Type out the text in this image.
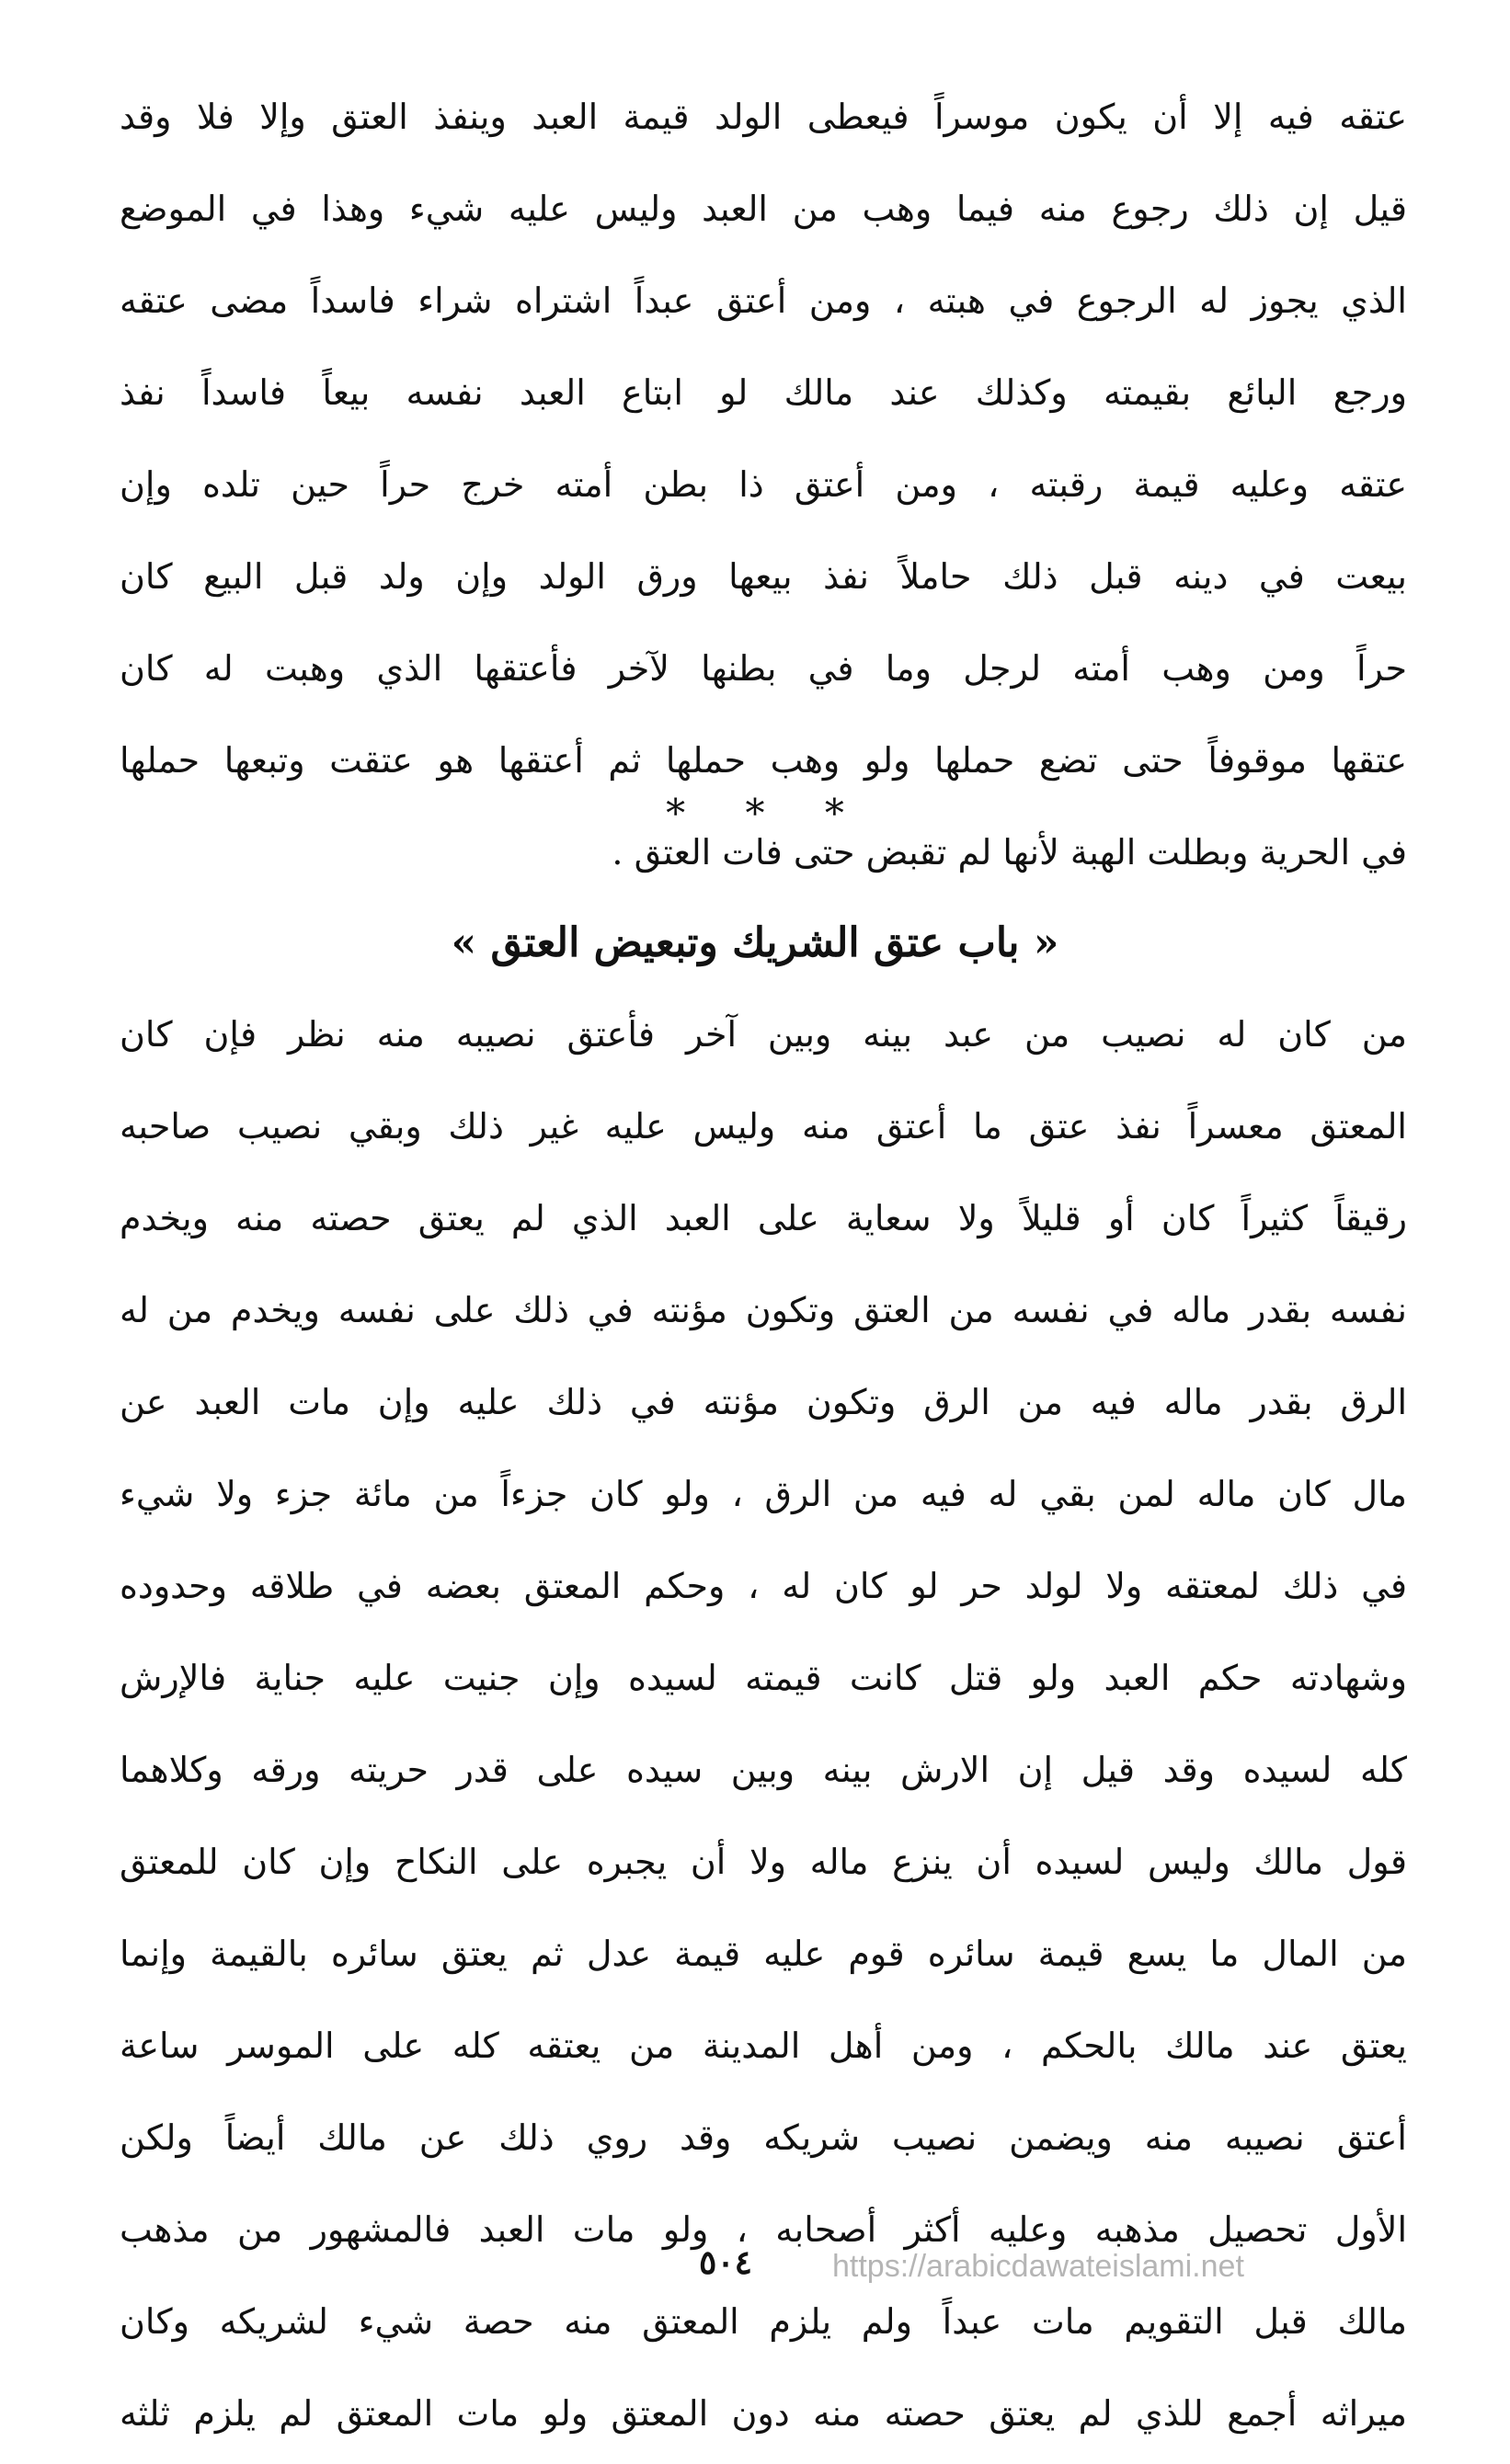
عتقه فيه إلا أن يكون موسراً فيعطى الولد قيمة العبد وينفذ العتق وإلا فلا وقد
قيل إن ذلك رجوع منه فيما وهب من العبد وليس عليه شيء وهذا في الموضع
الذي يجوز له الرجوع في هبته ، ومن أعتق عبداً اشتراه شراء فاسداً مضى عتقه
ورجع البائع بقيمته وكذلك عند مالك لو ابتاع العبد نفسه بيعاً فاسداً نفذ
عتقه وعليه قيمة رقبته ، ومن أعتق ذا بطن أمته خرج حراً حين تلده وإن
بيعت في دينه قبل ذلك حاملاً نفذ بيعها ورق الولد وإن ولد قبل البيع كان
حراً ومن وهب أمته لرجل وما في بطنها لآخر فأعتقها الذي وهبت له كان
عتقها موقوفاً حتى تضع حملها ولو وهب حملها ثم أعتقها هو عتقت وتبعها حملها
في الحرية وبطلت الهبة لأنها لم تقبض حتى فات العتق .
* * *
« باب عتق الشريك وتبعيض العتق »
من كان له نصيب من عبد بينه وبين آخر فأعتق نصيبه منه نظر فإن كان
المعتق معسراً نفذ عتق ما أعتق منه وليس عليه غير ذلك وبقي نصيب صاحبه
رقيقاً كثيراً كان أو قليلاً ولا سعاية على العبد الذي لم يعتق حصته منه ويخدم
نفسه بقدر ماله في نفسه من العتق وتكون مؤنته في ذلك على نفسه ويخدم من له
الرق بقدر ماله فيه من الرق وتكون مؤنته في ذلك عليه وإن مات العبد عن
مال كان ماله لمن بقي له فيه من الرق ، ولو كان جزءاً من مائة جزء ولا شيء
في ذلك لمعتقه ولا لولد حر لو كان له ، وحكم المعتق بعضه في طلاقه وحدوده
وشهادته حكم العبد ولو قتل كانت قيمته لسيده وإن جنيت عليه جناية فالإرش
كله لسيده وقد قيل إن الارش بينه وبين سيده على قدر حريته ورقه وكلاهما
قول مالك وليس لسيده أن ينزع ماله ولا أن يجبره على النكاح وإن كان للمعتق
من المال ما يسع قيمة سائره قوم عليه قيمة عدل ثم يعتق سائره بالقيمة وإنما
يعتق عند مالك بالحكم ، ومن أهل المدينة من يعتقه كله على الموسر ساعة
أعتق نصيبه منه ويضمن نصيب شريكه وقد روي ذلك عن مالك أيضاً ولكن
الأول تحصيل مذهبه وعليه أكثر أصحابه ، ولو مات العبد فالمشهور من مذهب
مالك قبل التقويم مات عبداً ولم يلزم المعتق منه حصة شيء لشريكه وكان
ميراثه أجمع للذي لم يعتق حصته منه دون المعتق ولو مات المعتق لم يلزم ثلثه
٥٠٤	https://arabicdawateislami.net
